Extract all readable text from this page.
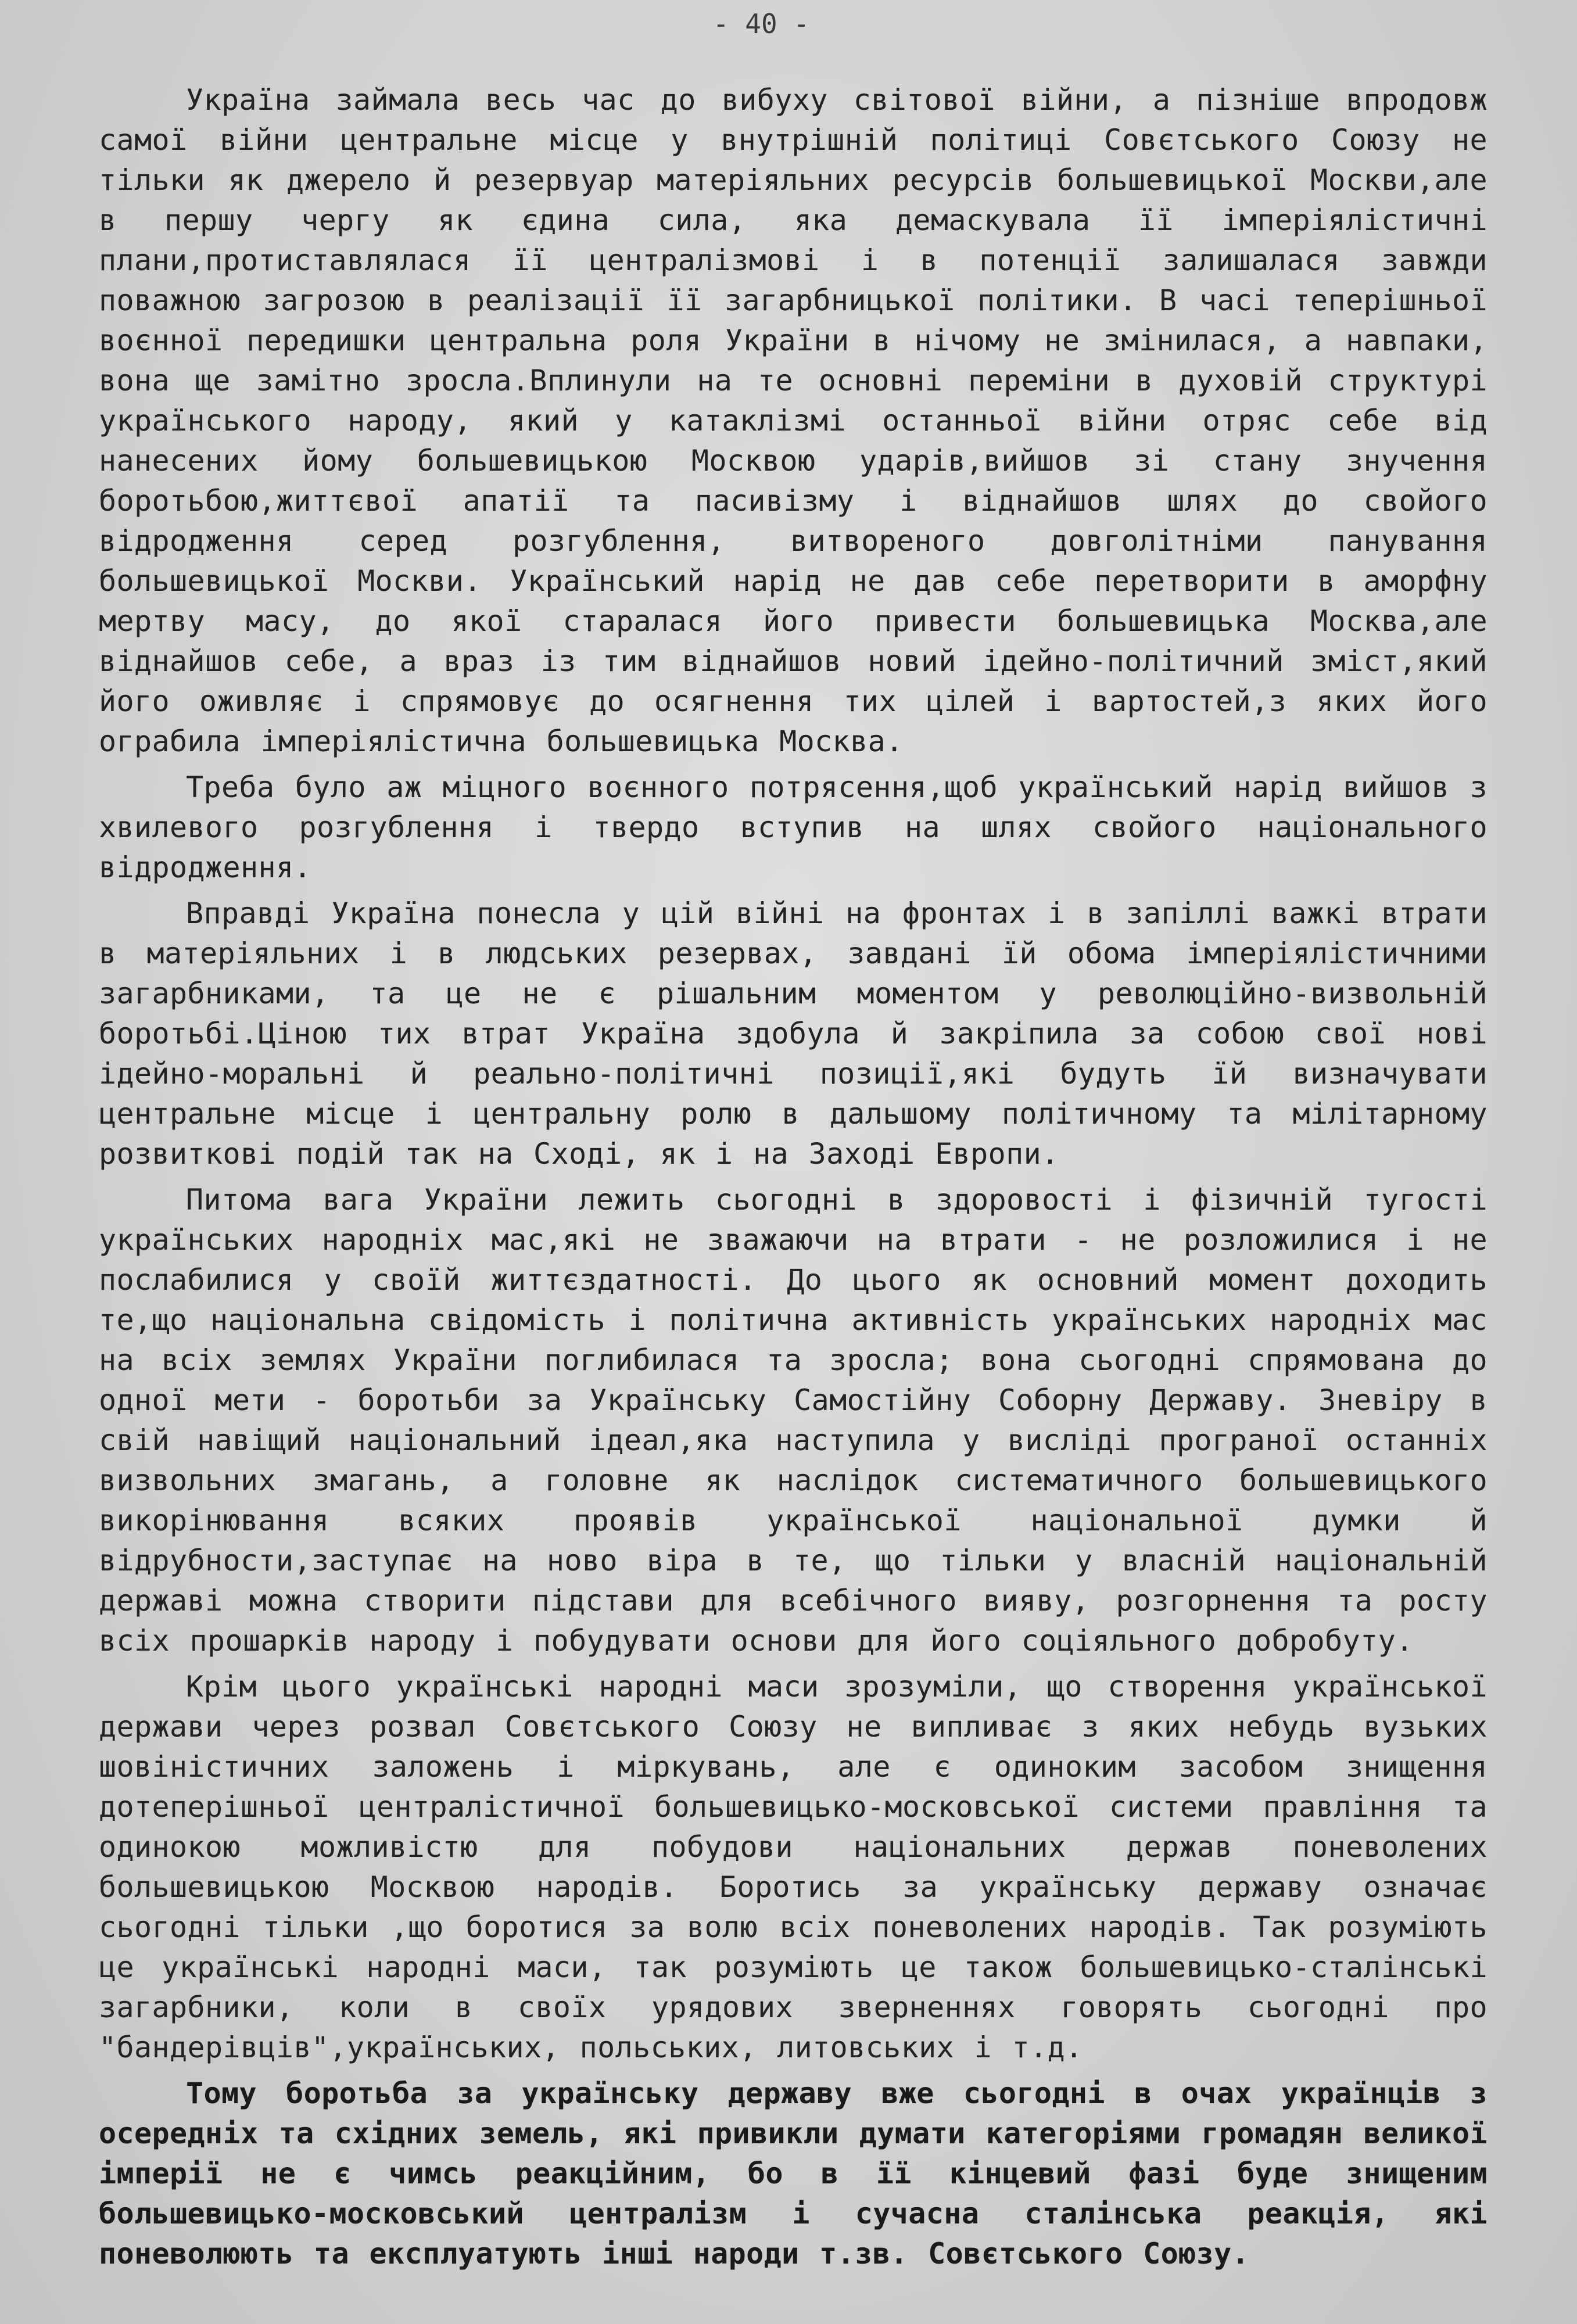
- 40 -

Україна займала весь час до вибуху світової війни, а пізніше впродовж самої війни центральне місце у внутрішній політиці Совєтського Союзу не тільки як джерело й резервуар матеріяльних ресурсів большевицької Москви,але в першу чергу як єдина сила, яка демаскувала її імперіялістичні плани,протиставлялася її централізмові і в потенції залишалася завжди поважною загрозою в реалізації її загарбницької політики. В часі теперішньої воєнної передишки центральна роля України в нічому не змінилася, а навпаки, вона ще замітно зросла.Вплинули на те основні переміни в духовій структурі українського народу, який у катаклізмі останньої війни отряс себе від нанесених йому большевицькою Москвою ударів,вийшов зі стану знучення боротьбою,життєвої апатії та пасивізму і віднайшов шлях до свойого відродження серед розгублення, витвореного довголітніми панування большевицької Москви. Український нарід не дав себе перетворити в аморфну мертву масу, до якої старалася його привести большевицька Москва,але віднайшов себе, а враз із тим віднайшов новий ідейно-політичний зміст,який його оживляє і спрямовує до осягнення тих цілей і вартостей,з яких його ограбила імперіялістична большевицька Москва.

Треба було аж міцного воєнного потрясення,щоб український нарід вийшов з хвилевого розгублення і твердо вступив на шлях свойого національного відродження.

Вправді Україна понесла у цій війні на фронтах і в запіллі важкі втрати в матеріяльних і в людських резервах, завдані їй обома імперіялістичними загарбниками, та це не є рішальним моментом у революційно-визвольній боротьбі.Ціною тих втрат Україна здобула й закріпила за собою свої нові ідейно-моральні й реально-політичні позиції,які будуть їй визначувати центральне місце і центральну ролю в дальшому політичному та мілітарному розвиткові подій так на Сході, як і на Заході Европи.

Питома вага України лежить сьогодні в здоровості і фізичній тугості українських народніх мас,які не зважаючи на втрати - не розложилися і не послабилися у своїй життєздатності. До цього як основний момент доходить те,що національна свідомість і політична активність українських народніх мас на всіх землях України поглибилася та зросла; вона сьогодні спрямована до одної мети - боротьби за Українську Самостійну Соборну Державу. Зневіру в свій навіщий національний ідеал,яка наступила у висліді програної останніх визвольних змагань, а головне як наслідок систематичного большевицького викорінювання всяких проявів української національної думки й відрубности,заступає на ново віра в те, що тільки у власній національній державі можна створити підстави для всебічного вияву, розгорнення та росту всіх прошарків народу і побудувати основи для його соціяльного добробуту.

Крім цього українські народні маси зрозуміли, що створення української держави через розвал Совєтського Союзу не випливає з яких небудь вузьких шовіністичних заложень і міркувань, але є одиноким засобом знищення дотеперішньої централістичної большевицько-московської системи правління та одинокою можливістю для побудови національних держав поневолених большевицькою Москвою народів. Боротись за українську державу означає сьогодні тільки ,що боротися за волю всіх поневолених народів. Так розуміють це українські народні маси, так розуміють це також большевицько-сталінські загарбники, коли в своїх урядових зверненнях говорять сьогодні про "бандерівців",українських, польських, литовських і т.д.

Тому боротьба за українську державу вже сьогодні в очах українців з осередніх та східних земель, які привикли думати категоріями громадян великої імперії не є чимсь реакційним, бо в її кінцевий фазі буде знищеним большевицько-московський централізм і сучасна сталінська реакція, які поневолюють та експлуатують інші народи т.зв. Совєтського Союзу.
